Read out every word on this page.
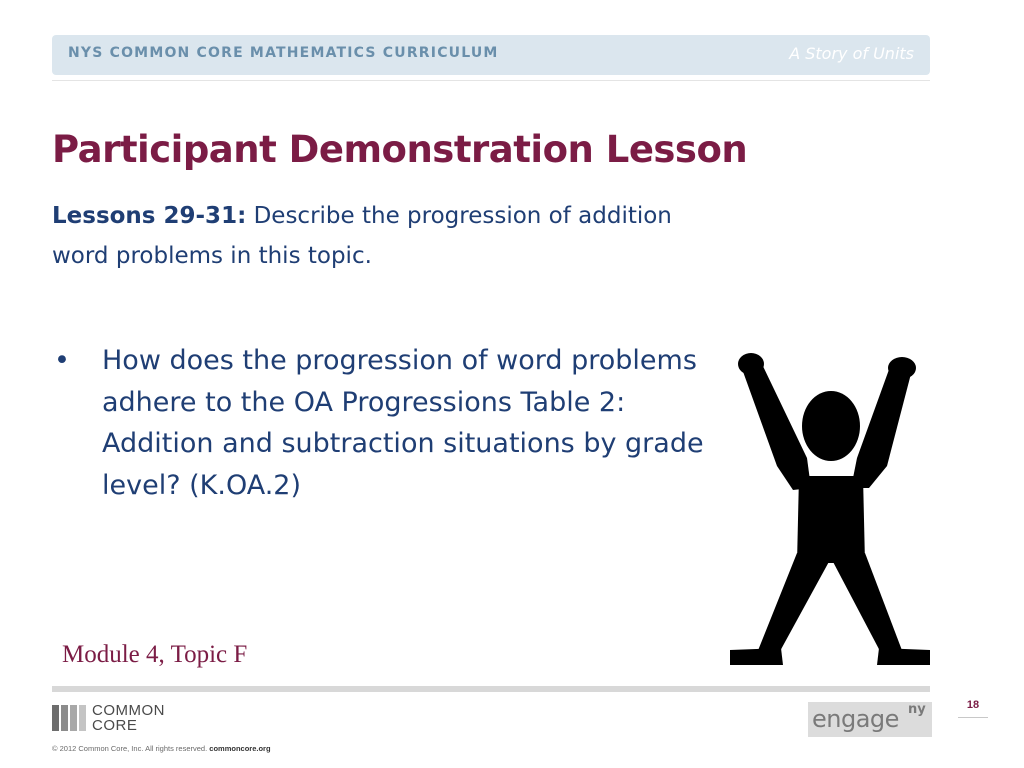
NYS COMMON CORE MATHEMATICS CURRICULUM	A Story of Units
Participant Demonstration Lesson
Lessons 29-31: Describe the progression of addition word problems in this topic.
• How does the progression of word problems adhere to the OA Progressions Table 2: Addition and subtraction situations by grade level? (K.OA.2)
Module 4, Topic F
COMMON
CORE
© 2012 Common Core, Inc. All rights reserved. commoncore.org
engage ny	18
